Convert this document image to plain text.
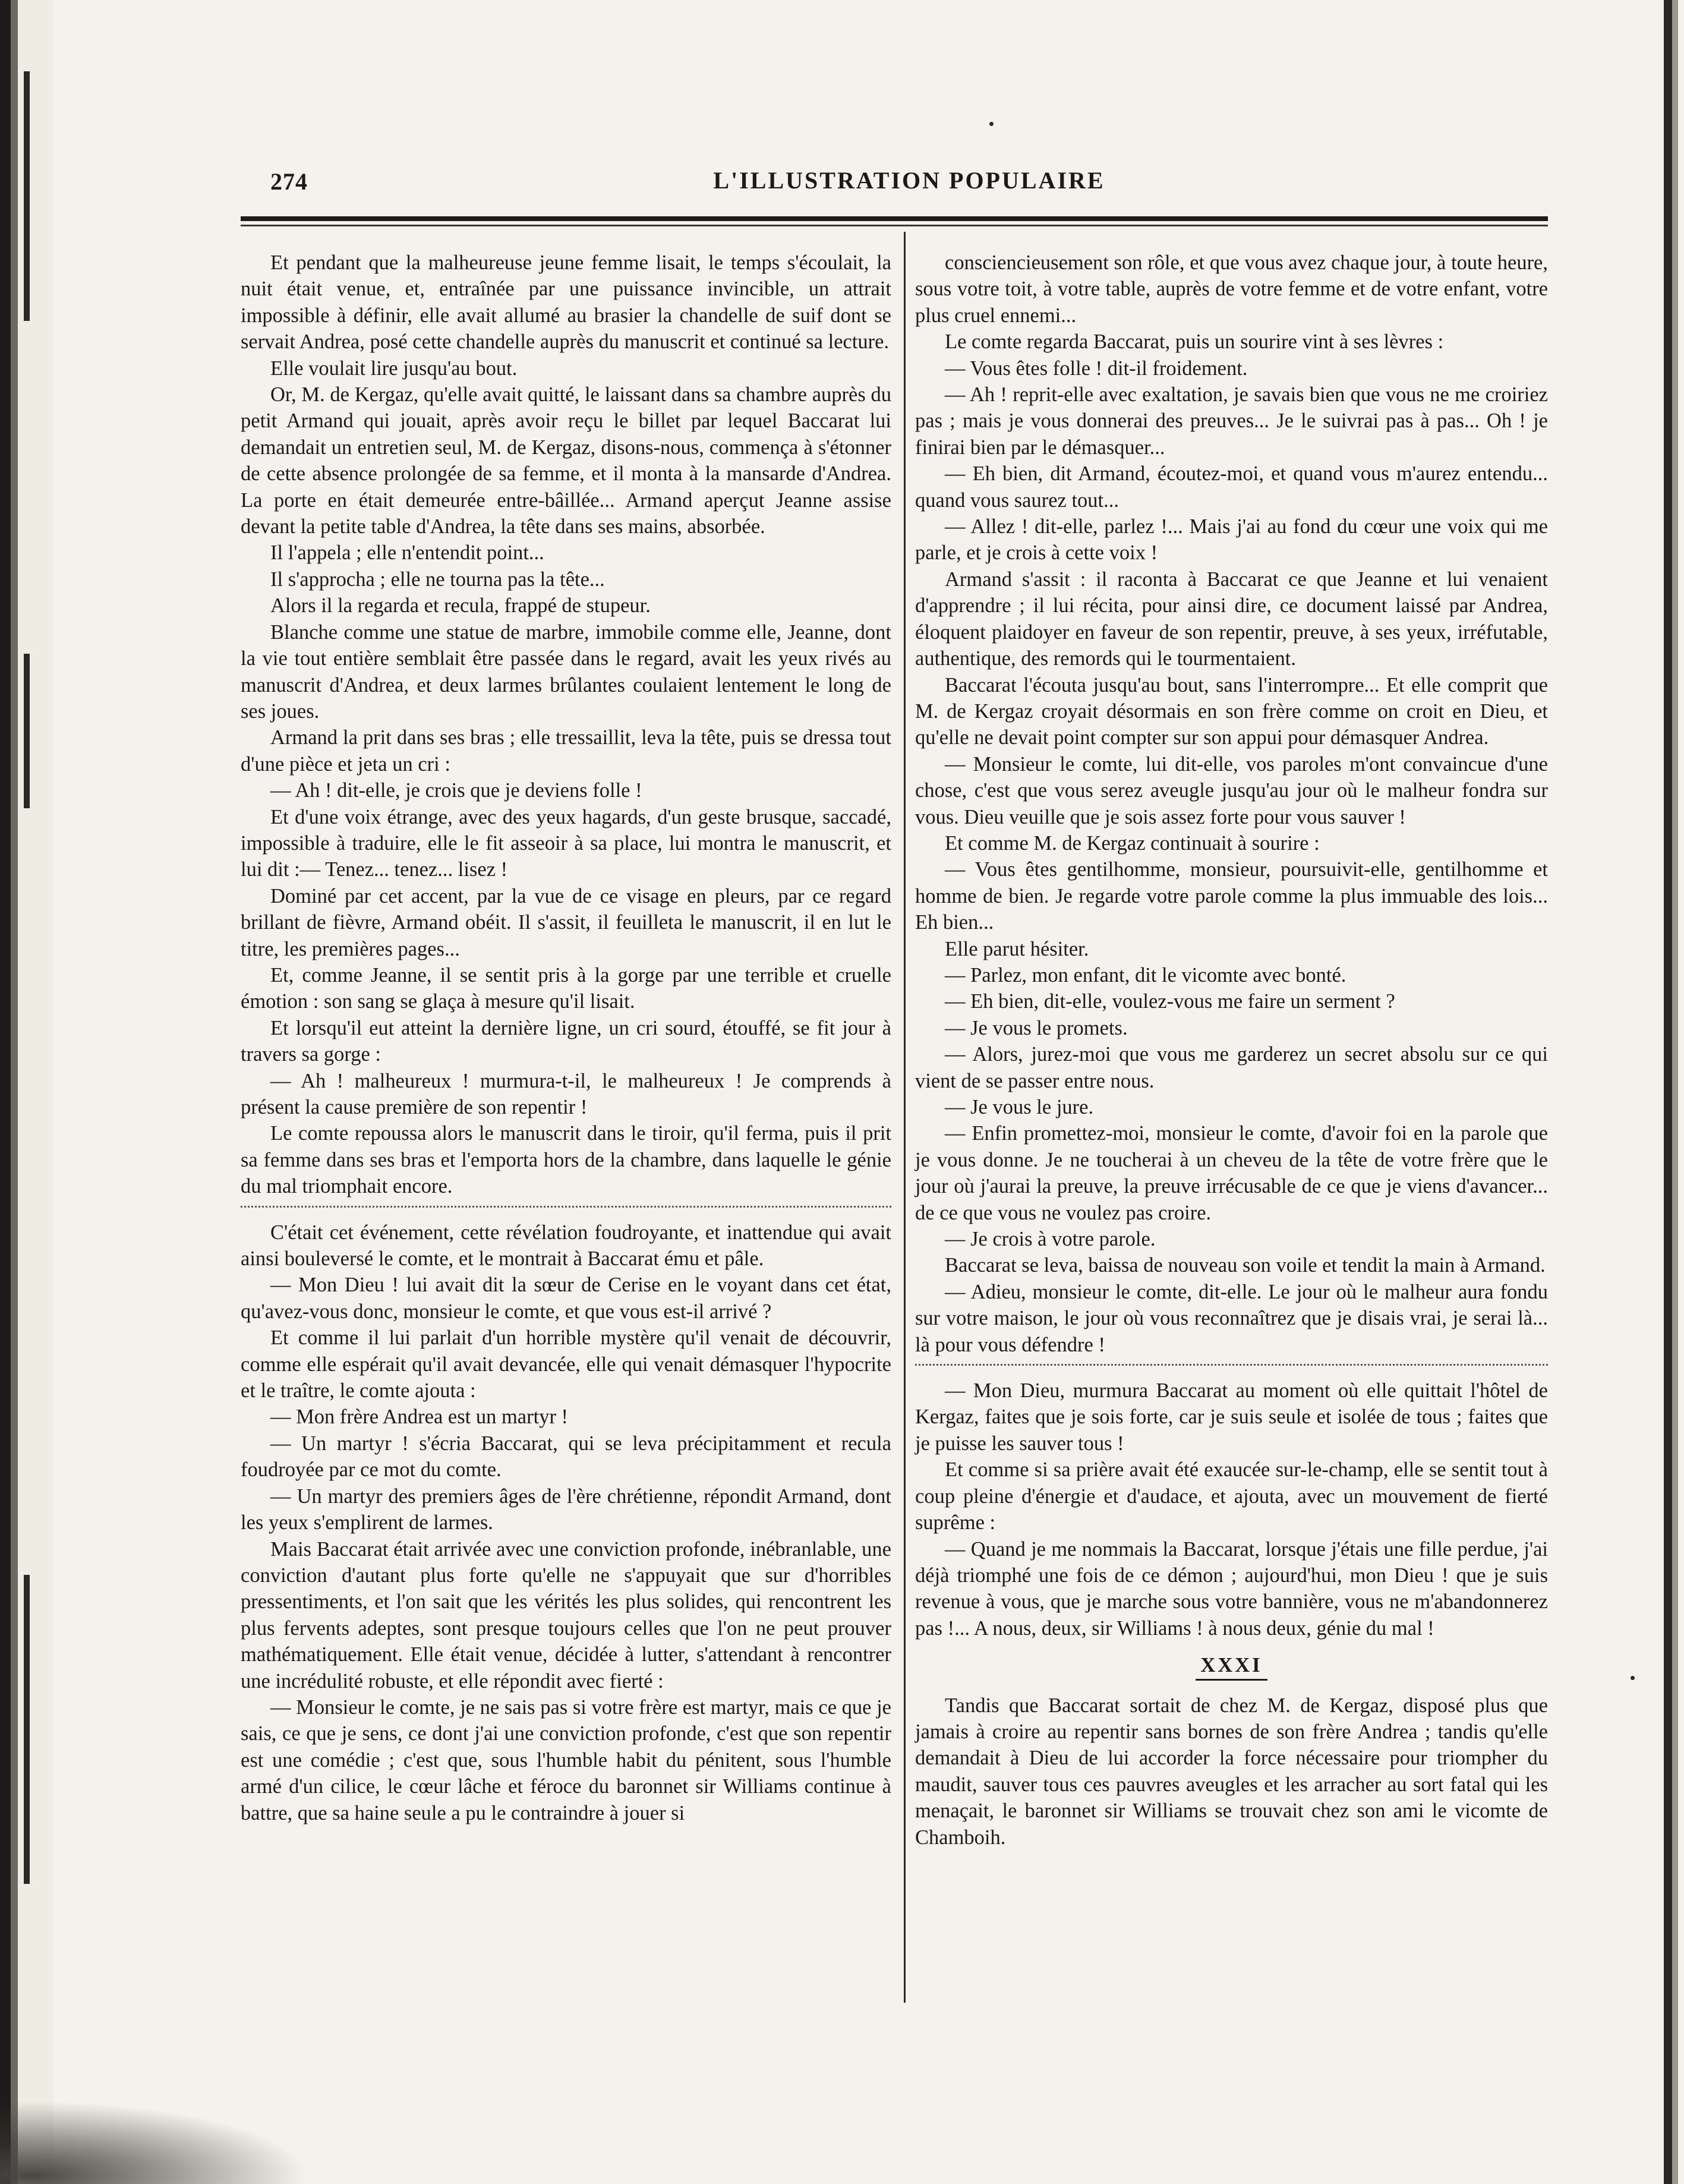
274	L'ILLUSTRATION POPULAIRE

Et pendant que la malheureuse jeune femme lisait, le temps s'écoulait, la nuit était venue, et, entraînée par une puissance invincible, un attrait impossible à définir, elle avait allumé au brasier la chandelle de suif dont se servait Andrea, posé cette chandelle auprès du manuscrit et continué sa lecture.

Elle voulait lire jusqu'au bout.

Or, M. de Kergaz, qu'elle avait quitté, le laissant dans sa chambre auprès du petit Armand qui jouait, après avoir reçu le billet par lequel Baccarat lui demandait un entretien seul, M. de Kergaz, disons-nous, commença à s'étonner de cette absence prolongée de sa femme, et il monta à la mansarde d'Andrea. La porte en était demeurée entre-bâillée... Armand aperçut Jeanne assise devant la petite table d'Andrea, la tête dans ses mains, absorbée.

Il l'appela ; elle n'entendit point...

Il s'approcha ; elle ne tourna pas la tête...

Alors il la regarda et recula, frappé de stupeur.

Blanche comme une statue de marbre, immobile comme elle, Jeanne, dont la vie tout entière semblait être passée dans le regard, avait les yeux rivés au manuscrit d'Andrea, et deux larmes brûlantes coulaient lentement le long de ses joues.

Armand la prit dans ses bras ; elle tressaillit, leva la tête, puis se dressa tout d'une pièce et jeta un cri :

— Ah ! dit-elle, je crois que je deviens folle !

Et d'une voix étrange, avec des yeux hagards, d'un geste brusque, saccadé, impossible à traduire, elle le fit asseoir à sa place, lui montra le manuscrit, et lui dit :— Tenez... tenez... lisez !

Dominé par cet accent, par la vue de ce visage en pleurs, par ce regard brillant de fièvre, Armand obéit. Il s'assit, il feuilleta le manuscrit, il en lut le titre, les premières pages...

Et, comme Jeanne, il se sentit pris à la gorge par une terrible et cruelle émotion : son sang se glaça à mesure qu'il lisait.

Et lorsqu'il eut atteint la dernière ligne, un cri sourd, étouffé, se fit jour à travers sa gorge :

— Ah ! malheureux ! murmura-t-il, le malheureux ! Je comprends à présent la cause première de son repentir !

Le comte repoussa alors le manuscrit dans le tiroir, qu'il ferma, puis il prit sa femme dans ses bras et l'emporta hors de la chambre, dans laquelle le génie du mal triomphait encore.

C'était cet événement, cette révélation foudroyante, et inattendue qui avait ainsi bouleversé le comte, et le montrait à Baccarat ému et pâle.

— Mon Dieu ! lui avait dit la sœur de Cerise en le voyant dans cet état, qu'avez-vous donc, monsieur le comte, et que vous est-il arrivé ?

Et comme il lui parlait d'un horrible mystère qu'il venait de découvrir, comme elle espérait qu'il avait devancée, elle qui venait démasquer l'hypocrite et le traître, le comte ajouta :

— Mon frère Andrea est un martyr !

— Un martyr ! s'écria Baccarat, qui se leva précipitamment et recula foudroyée par ce mot du comte.

— Un martyr des premiers âges de l'ère chrétienne, répondit Armand, dont les yeux s'emplirent de larmes.

Mais Baccarat était arrivée avec une conviction profonde, inébranlable, une conviction d'autant plus forte qu'elle ne s'appuyait que sur d'horribles pressentiments, et l'on sait que les vérités les plus solides, qui rencontrent les plus fervents adeptes, sont presque toujours celles que l'on ne peut prouver mathématiquement. Elle était venue, décidée à lutter, s'attendant à rencontrer une incrédulité robuste, et elle répondit avec fierté :

— Monsieur le comte, je ne sais pas si votre frère est martyr, mais ce que je sais, ce que je sens, ce dont j'ai une conviction profonde, c'est que son repentir est une comédie ; c'est que, sous l'humble habit du pénitent, sous l'humble armé d'un cilice, le cœur lâche et féroce du baronnet sir Williams continue à battre, que sa haine seule a pu le contraindre à jouer si

consciencieusement son rôle, et que vous avez chaque jour, à toute heure, sous votre toit, à votre table, auprès de votre femme et de votre enfant, votre plus cruel ennemi...

Le comte regarda Baccarat, puis un sourire vint à ses lèvres :

— Vous êtes folle ! dit-il froidement.

— Ah ! reprit-elle avec exaltation, je savais bien que vous ne me croiriez pas ; mais je vous donnerai des preuves... Je le suivrai pas à pas... Oh ! je finirai bien par le démasquer...

— Eh bien, dit Armand, écoutez-moi, et quand vous m'aurez entendu... quand vous saurez tout...

— Allez ! dit-elle, parlez !... Mais j'ai au fond du cœur une voix qui me parle, et je crois à cette voix !

Armand s'assit : il raconta à Baccarat ce que Jeanne et lui venaient d'apprendre ; il lui récita, pour ainsi dire, ce document laissé par Andrea, éloquent plaidoyer en faveur de son repentir, preuve, à ses yeux, irréfutable, authentique, des remords qui le tourmentaient.

Baccarat l'écouta jusqu'au bout, sans l'interrompre... Et elle comprit que M. de Kergaz croyait désormais en son frère comme on croit en Dieu, et qu'elle ne devait point compter sur son appui pour démasquer Andrea.

— Monsieur le comte, lui dit-elle, vos paroles m'ont convaincue d'une chose, c'est que vous serez aveugle jusqu'au jour où le malheur fondra sur vous. Dieu veuille que je sois assez forte pour vous sauver !

Et comme M. de Kergaz continuait à sourire :

— Vous êtes gentilhomme, monsieur, poursuivit-elle, gentilhomme et homme de bien. Je regarde votre parole comme la plus immuable des lois... Eh bien...

Elle parut hésiter.

— Parlez, mon enfant, dit le vicomte avec bonté.

— Eh bien, dit-elle, voulez-vous me faire un serment ?

— Je vous le promets.

— Alors, jurez-moi que vous me garderez un secret absolu sur ce qui vient de se passer entre nous.

— Je vous le jure.

— Enfin promettez-moi, monsieur le comte, d'avoir foi en la parole que je vous donne. Je ne toucherai à un cheveu de la tête de votre frère que le jour où j'aurai la preuve, la preuve irrécusable de ce que je viens d'avancer... de ce que vous ne voulez pas croire.

— Je crois à votre parole.

Baccarat se leva, baissa de nouveau son voile et tendit la main à Armand.

— Adieu, monsieur le comte, dit-elle. Le jour où le malheur aura fondu sur votre maison, le jour où vous reconnaîtrez que je disais vrai, je serai là... là pour vous défendre !

— Mon Dieu, murmura Baccarat au moment où elle quittait l'hôtel de Kergaz, faites que je sois forte, car je suis seule et isolée de tous ; faites que je puisse les sauver tous !

Et comme si sa prière avait été exaucée sur-le-champ, elle se sentit tout à coup pleine d'énergie et d'audace, et ajouta, avec un mouvement de fierté suprême :

— Quand je me nommais la Baccarat, lorsque j'étais une fille perdue, j'ai déjà triomphé une fois de ce démon ; aujourd'hui, mon Dieu ! que je suis revenue à vous, que je marche sous votre bannière, vous ne m'abandonnerez pas !... A nous, deux, sir Williams ! à nous deux, génie du mal !

XXXI

Tandis que Baccarat sortait de chez M. de Kergaz, disposé plus que jamais à croire au repentir sans bornes de son frère Andrea ; tandis qu'elle demandait à Dieu de lui accorder la force nécessaire pour triompher du maudit, sauver tous ces pauvres aveugles et les arracher au sort fatal qui les menaçait, le baronnet sir Williams se trouvait chez son ami le vicomte de Chamboih.
